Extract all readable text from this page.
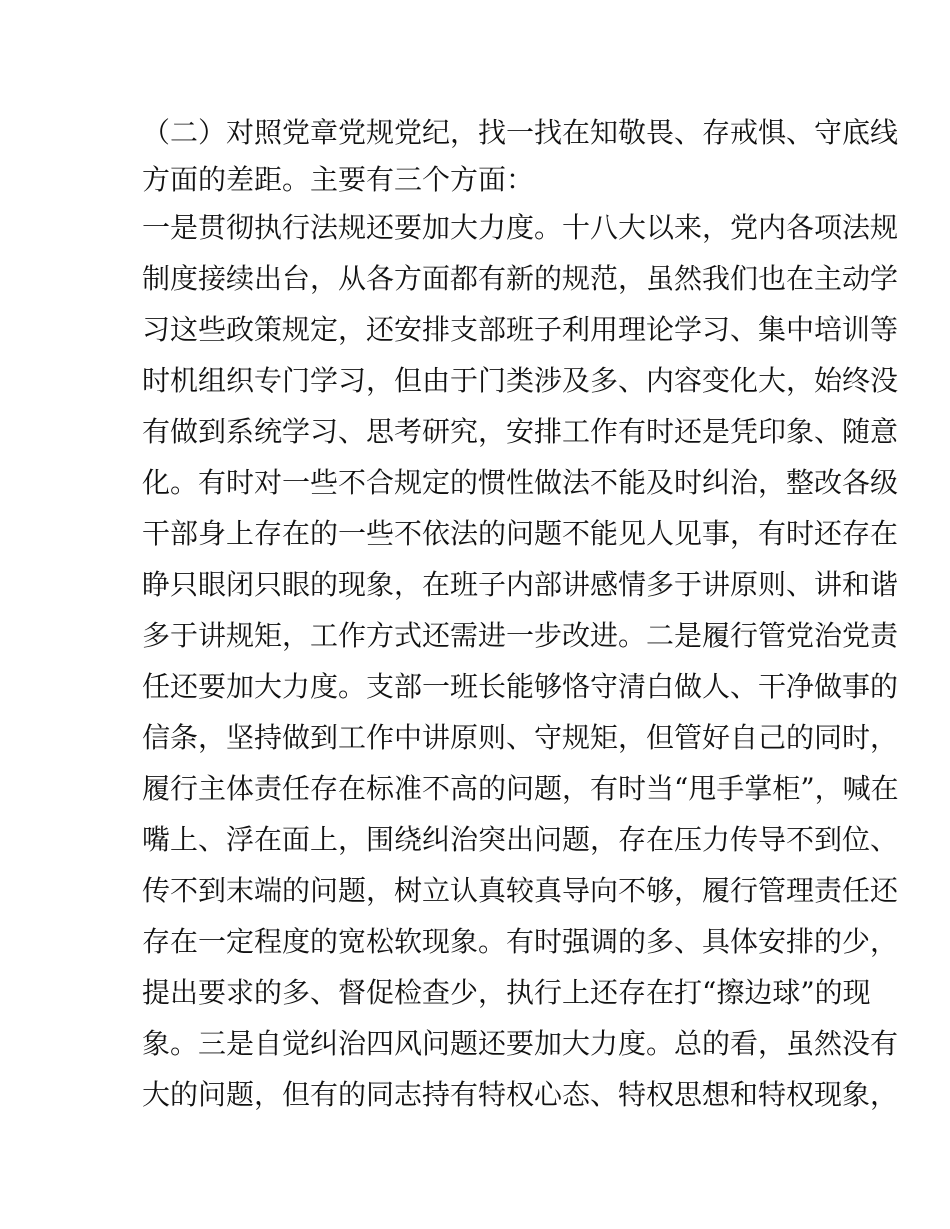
（二）对照党章党规党纪，找一找在知敬畏、存戒惧、守底线
方面的差距。主要有三个方面：
一是贯彻执行法规还要加大力度。十八大以来，党内各项法规
制度接续出台，从各方面都有新的规范，虽然我们也在主动学
习这些政策规定，还安排支部班子利用理论学习、集中培训等
时机组织专门学习，但由于门类涉及多、内容变化大，始终没
有做到系统学习、思考研究，安排工作有时还是凭印象、随意
化。有时对一些不合规定的惯性做法不能及时纠治，整改各级
干部身上存在的一些不依法的问题不能见人见事，有时还存在
睁只眼闭只眼的现象，在班子内部讲感情多于讲原则、讲和谐
多于讲规矩，工作方式还需进一步改进。二是履行管党治党责
任还要加大力度。支部一班长能够恪守清白做人、干净做事的
信条，坚持做到工作中讲原则、守规矩，但管好自己的同时，
履行主体责任存在标准不高的问题，有时当“甩手掌柜”，喊在
嘴上、浮在面上，围绕纠治突出问题，存在压力传导不到位、
传不到末端的问题，树立认真较真导向不够，履行管理责任还
存在一定程度的宽松软现象。有时强调的多、具体安排的少，
提出要求的多、督促检查少，执行上还存在打“擦边球”的现
象。三是自觉纠治四风问题还要加大力度。总的看，虽然没有
大的问题，但有的同志持有特权心态、特权思想和特权现象，
